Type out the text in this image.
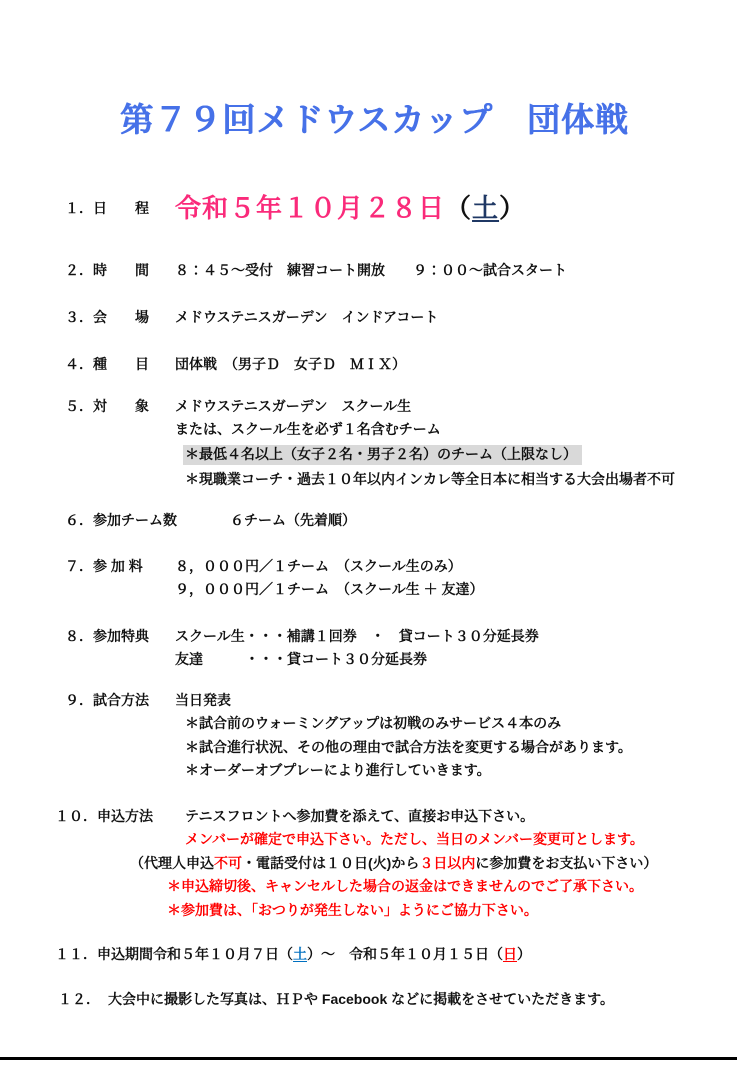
第７９回メドウスカップ　団体戦
１．日　　程	令和５年１０月２８日（土）
２．時　　間	８：４５～受付　練習コート開放　　９：００～試合スタート
３．会　　場	メドウステニスガーデン　インドアコート
４．種　　目	団体戦　（男子Ｄ　女子Ｄ　ＭＩＸ）
５．対　　象	メドウステニスガーデン　スクール生
または、スクール生を必ず１名含むチーム
＊最低４名以上（女子２名・男子２名）のチーム（上限なし）
＊現職業コーチ・過去１０年以内インカレ等全日本に相当する大会出場者不可
６．参加チーム数	６チーム（先着順）
７．参 加 料	８，０００円／１チーム　（スクール生のみ）
９，０００円／１チーム　（スクール生 ＋ 友達）
８．参加特典	スクール生・・・補講１回券　・　貸コート３０分延長券
友達　　　・・・貸コート３０分延長券
９．試合方法	当日発表
＊試合前のウォーミングアップは初戦のみサービス４本のみ
＊試合進行状況、その他の理由で試合方法を変更する場合があります。
＊オーダーオブプレーにより進行していきます。
１０．申込方法	テニスフロントへ参加費を添えて、直接お申込下さい。
メンバーが確定で申込下さい。ただし、当日のメンバー変更可とします。
（代理人申込不可・電話受付は１０日(火)から３日以内に参加費をお支払い下さい）
＊申込締切後、キャンセルした場合の返金はできませんのでご了承下さい。
＊参加費は、「おつりが発生しない」ようにご協力下さい。
１１．申込期間 令和５年１０月７日（土）～　令和５年１０月１５日（日）
１２． 大会中に撮影した写真は、ＨＰや Facebook などに掲載をさせていただきます。
